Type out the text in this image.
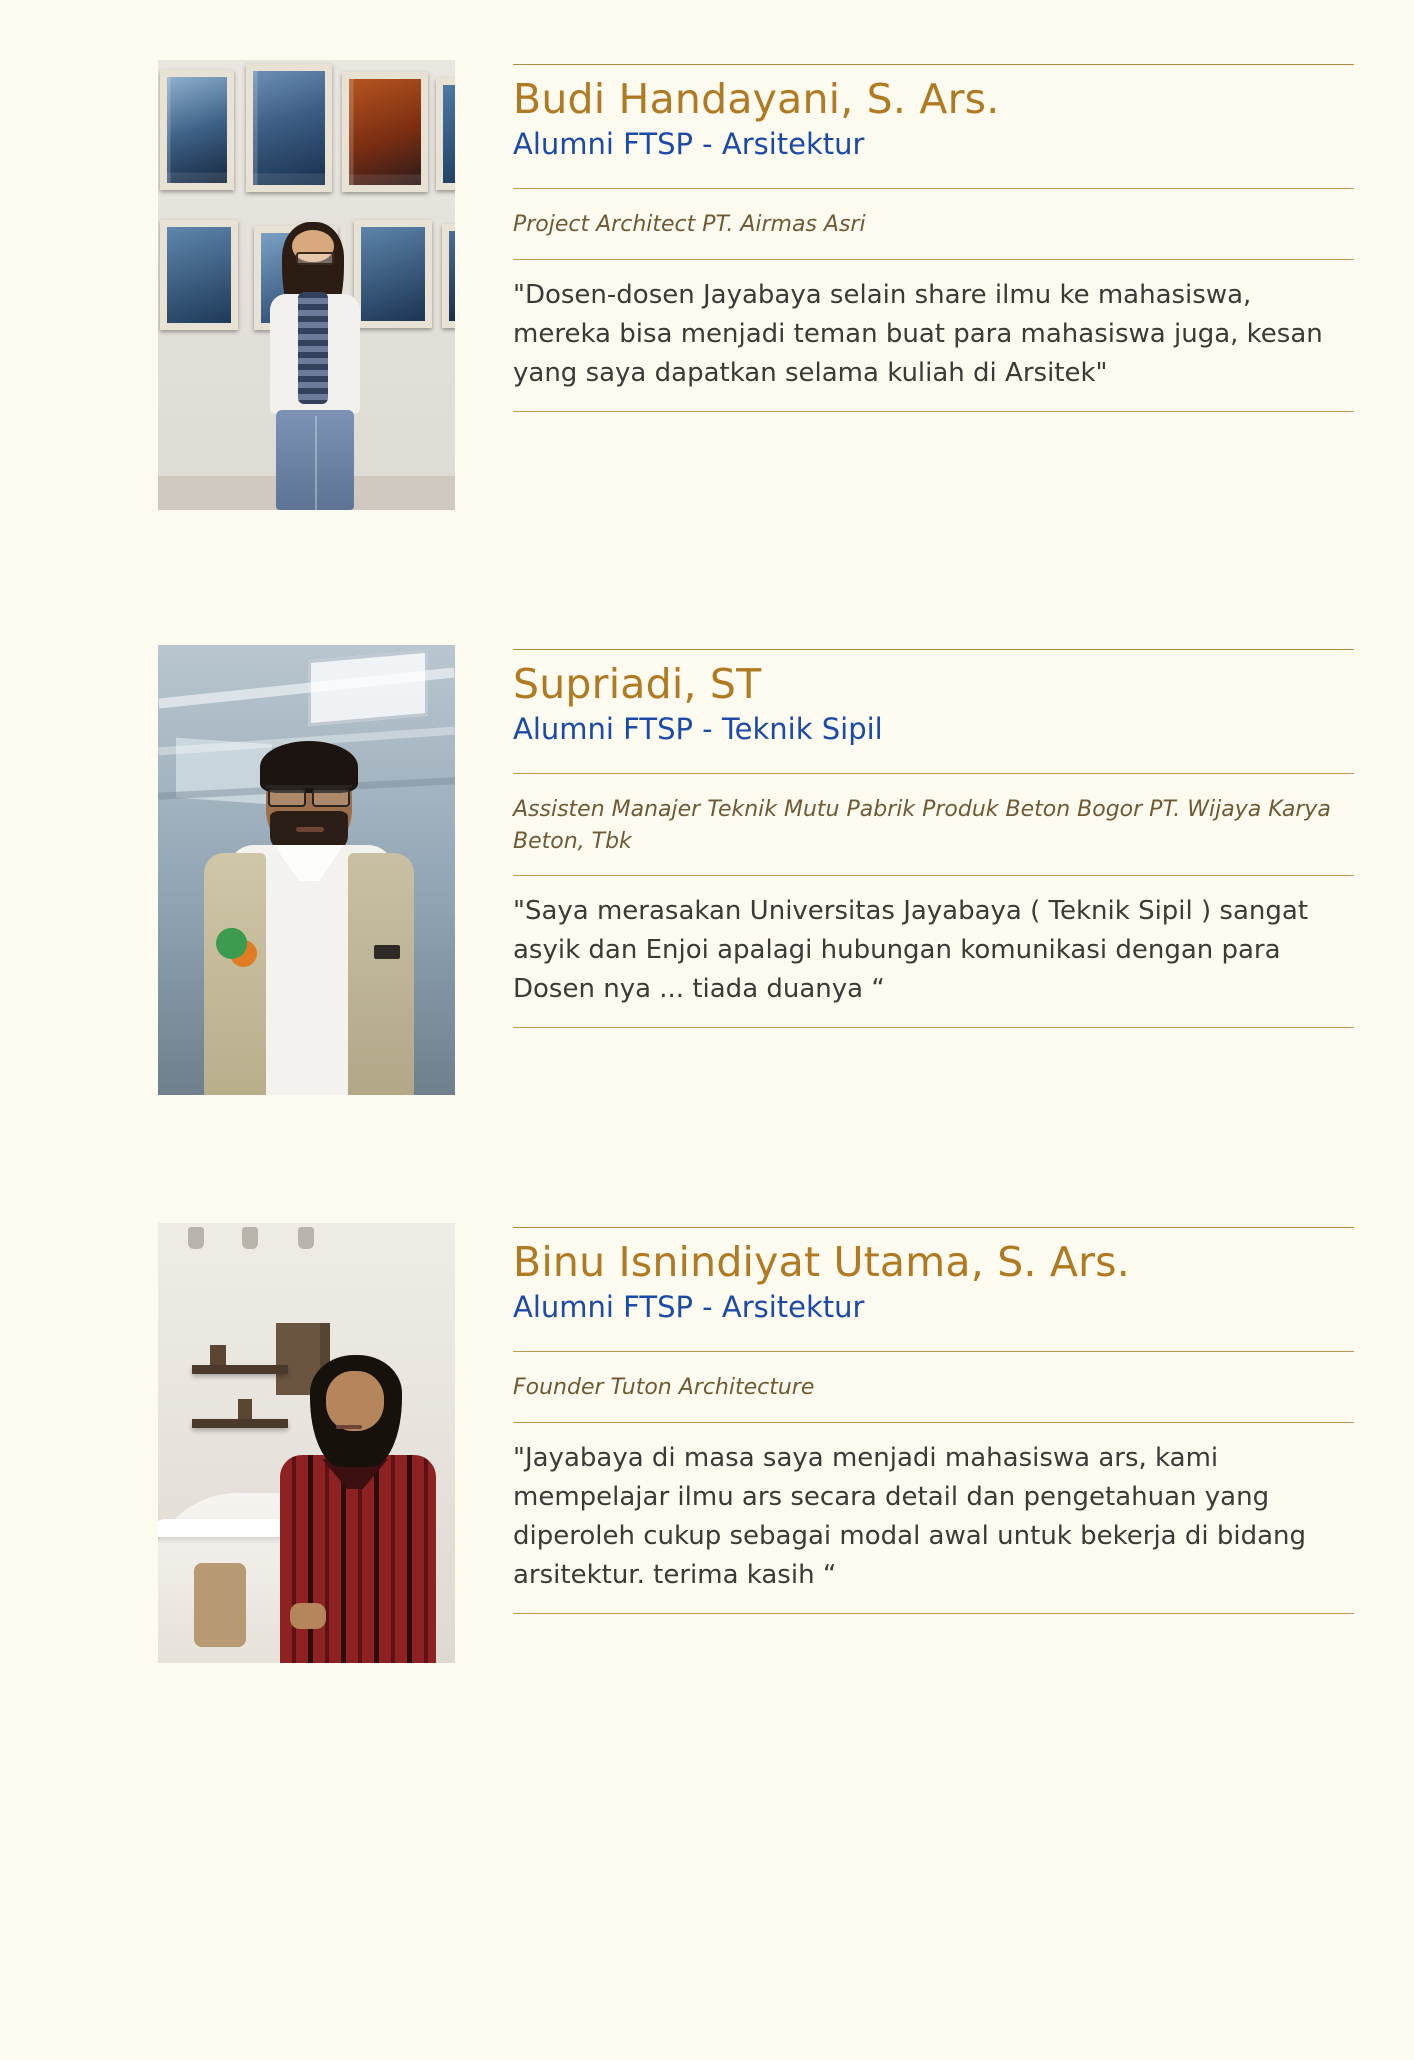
Budi Handayani, S. Ars.
Alumni FTSP - Arsitektur
Project Architect PT. Airmas Asri
"Dosen-dosen Jayabaya selain share ilmu ke mahasiswa, mereka bisa menjadi teman buat para mahasiswa juga, kesan yang saya dapatkan selama kuliah di Arsitek"
Supriadi, ST
Alumni FTSP - Teknik Sipil
Assisten Manajer Teknik Mutu Pabrik Produk Beton Bogor PT. Wijaya Karya Beton, Tbk
"Saya merasakan Universitas Jayabaya ( Teknik Sipil ) sangat asyik dan Enjoi apalagi hubungan komunikasi dengan para Dosen nya ... tiada duanya “
Binu Isnindiyat Utama, S. Ars.
Alumni FTSP - Arsitektur
Founder Tuton Architecture
"Jayabaya di masa saya menjadi mahasiswa ars, kami mempelajar ilmu ars secara detail dan pengetahuan yang diperoleh cukup sebagai modal awal untuk bekerja di bidang arsitektur. terima kasih “
